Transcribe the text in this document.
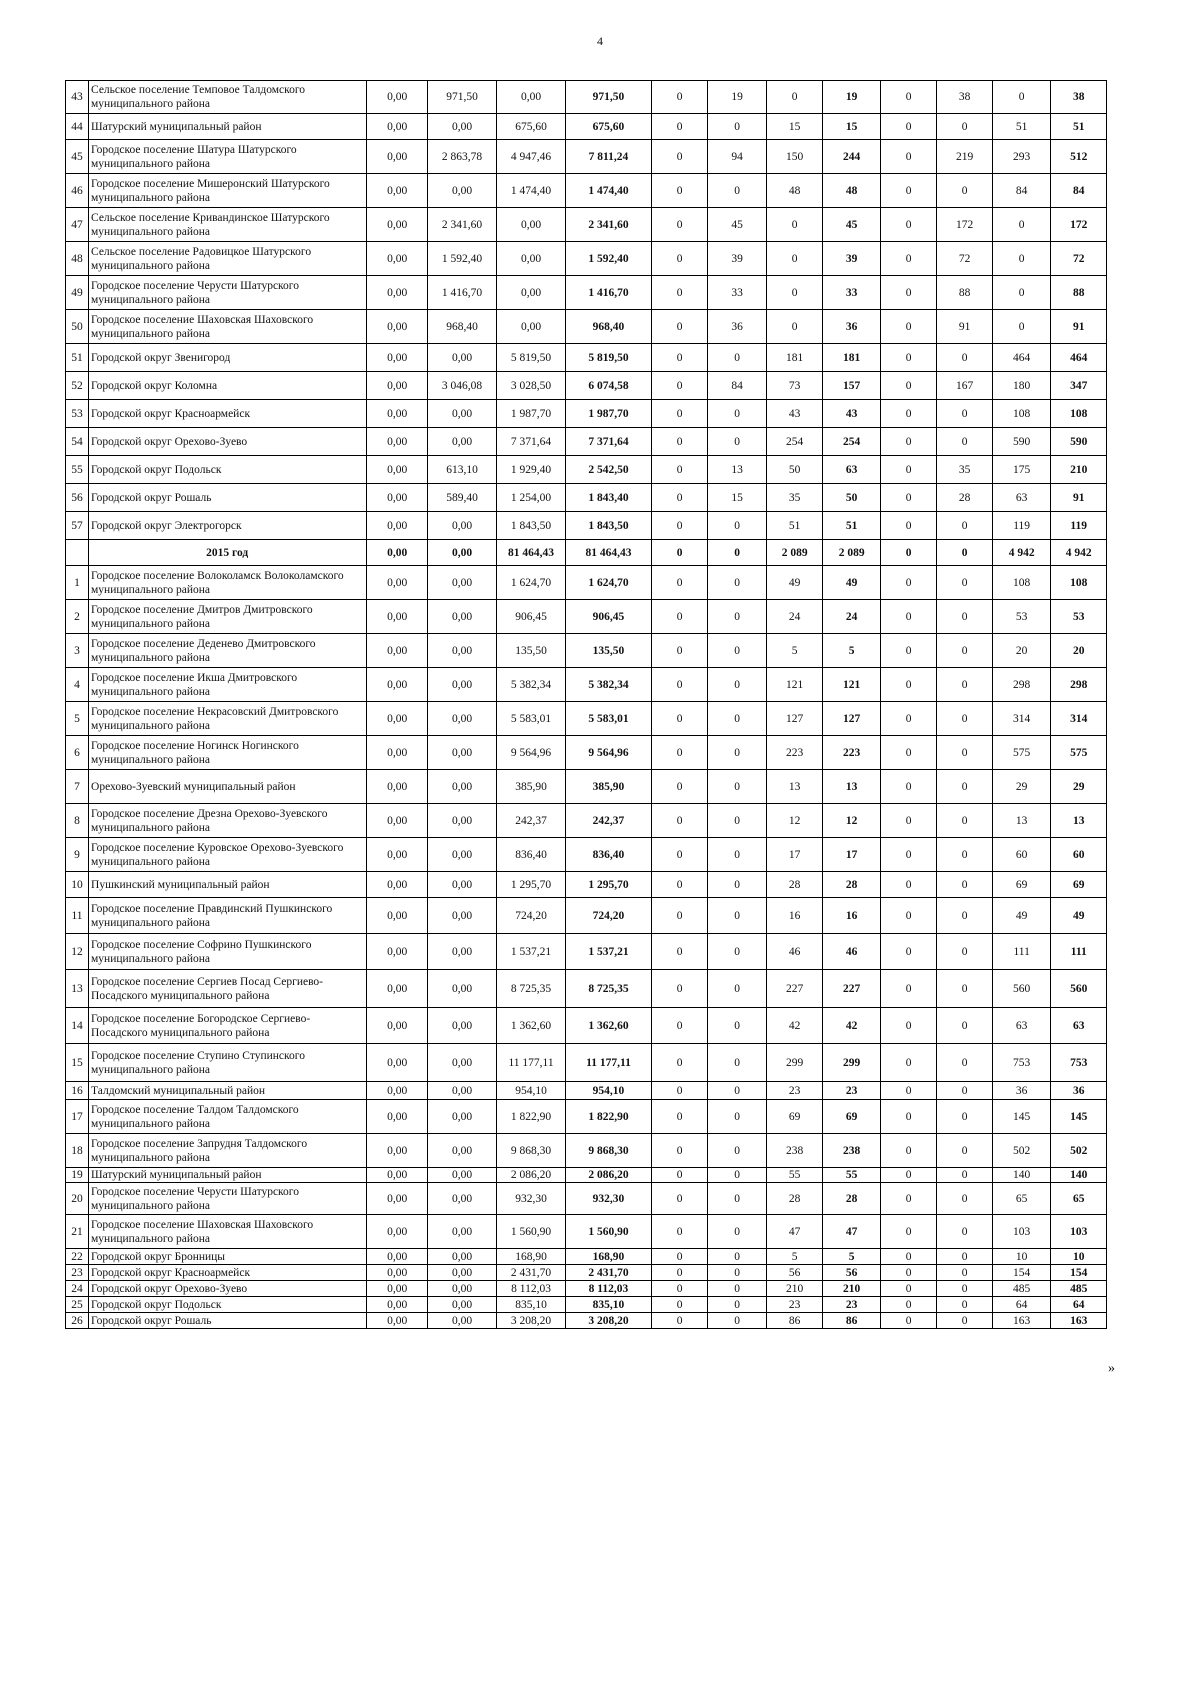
4
43	Сельское поселение Темповое Талдомского муниципального района	0,00	971,50	0,00	971,50	0	19	0	19	0	38	0	38
44	Шатурский муниципальный район	0,00	0,00	675,60	675,60	0	0	15	15	0	0	51	51
45	Городское поселение Шатура Шатурского муниципального района	0,00	2 863,78	4 947,46	7 811,24	0	94	150	244	0	219	293	512
46	Городское поселение Мишеронский Шатурского муниципального района	0,00	0,00	1 474,40	1 474,40	0	0	48	48	0	0	84	84
47	Сельское поселение Кривандинское Шатурского муниципального района	0,00	2 341,60	0,00	2 341,60	0	45	0	45	0	172	0	172
48	Сельское поселение Радовицкое Шатурского муниципального района	0,00	1 592,40	0,00	1 592,40	0	39	0	39	0	72	0	72
49	Городское поселение Черусти Шатурского муниципального района	0,00	1 416,70	0,00	1 416,70	0	33	0	33	0	88	0	88
50	Городское поселение Шаховская Шаховского муниципального района	0,00	968,40	0,00	968,40	0	36	0	36	0	91	0	91
51	Городской округ Звенигород	0,00	0,00	5 819,50	5 819,50	0	0	181	181	0	0	464	464
52	Городской округ Коломна	0,00	3 046,08	3 028,50	6 074,58	0	84	73	157	0	167	180	347
53	Городской округ Красноармейск	0,00	0,00	1 987,70	1 987,70	0	0	43	43	0	0	108	108
54	Городской округ Орехово-Зуево	0,00	0,00	7 371,64	7 371,64	0	0	254	254	0	0	590	590
55	Городской округ Подольск	0,00	613,10	1 929,40	2 542,50	0	13	50	63	0	35	175	210
56	Городской округ Рошаль	0,00	589,40	1 254,00	1 843,40	0	15	35	50	0	28	63	91
57	Городской округ Электрогорск	0,00	0,00	1 843,50	1 843,50	0	0	51	51	0	0	119	119
	2015 год	0,00	0,00	81 464,43	81 464,43	0	0	2 089	2 089	0	0	4 942	4 942
1	Городское поселение Волоколамск Волоколамского муниципального района	0,00	0,00	1 624,70	1 624,70	0	0	49	49	0	0	108	108
2	Городское поселение Дмитров Дмитровского муниципального района	0,00	0,00	906,45	906,45	0	0	24	24	0	0	53	53
3	Городское поселение Деденево Дмитровского муниципального района	0,00	0,00	135,50	135,50	0	0	5	5	0	0	20	20
4	Городское поселение Икша Дмитровского муниципального района	0,00	0,00	5 382,34	5 382,34	0	0	121	121	0	0	298	298
5	Городское поселение Некрасовский Дмитровского муниципального района	0,00	0,00	5 583,01	5 583,01	0	0	127	127	0	0	314	314
6	Городское поселение Ногинск Ногинского муниципального района	0,00	0,00	9 564,96	9 564,96	0	0	223	223	0	0	575	575
7	Орехово-Зуевский муниципальный район	0,00	0,00	385,90	385,90	0	0	13	13	0	0	29	29
8	Городское поселение Дрезна Орехово-Зуевского муниципального района	0,00	0,00	242,37	242,37	0	0	12	12	0	0	13	13
9	Городское поселение Куровское Орехово-Зуевского муниципального района	0,00	0,00	836,40	836,40	0	0	17	17	0	0	60	60
10	Пушкинский муниципальный район	0,00	0,00	1 295,70	1 295,70	0	0	28	28	0	0	69	69
11	Городское поселение Правдинский Пушкинского муниципального района	0,00	0,00	724,20	724,20	0	0	16	16	0	0	49	49
12	Городское поселение Софрино Пушкинского муниципального района	0,00	0,00	1 537,21	1 537,21	0	0	46	46	0	0	111	111
13	Городское поселение Сергиев Посад Сергиево-Посадского муниципального района	0,00	0,00	8 725,35	8 725,35	0	0	227	227	0	0	560	560
14	Городское поселение Богородское Сергиево-Посадского муниципального района	0,00	0,00	1 362,60	1 362,60	0	0	42	42	0	0	63	63
15	Городское поселение Ступино Ступинского муниципального района	0,00	0,00	11 177,11	11 177,11	0	0	299	299	0	0	753	753
16	Талдомский муниципальный район	0,00	0,00	954,10	954,10	0	0	23	23	0	0	36	36
17	Городское поселение Талдом Талдомского муниципального района	0,00	0,00	1 822,90	1 822,90	0	0	69	69	0	0	145	145
18	Городское поселение Запрудня Талдомского муниципального района	0,00	0,00	9 868,30	9 868,30	0	0	238	238	0	0	502	502
19	Шатурский муниципальный район	0,00	0,00	2 086,20	2 086,20	0	0	55	55	0	0	140	140
20	Городское поселение Черусти Шатурского муниципального района	0,00	0,00	932,30	932,30	0	0	28	28	0	0	65	65
21	Городское поселение Шаховская Шаховского муниципального района	0,00	0,00	1 560,90	1 560,90	0	0	47	47	0	0	103	103
22	Городской округ Бронницы	0,00	0,00	168,90	168,90	0	0	5	5	0	0	10	10
23	Городской округ Красноармейск	0,00	0,00	2 431,70	2 431,70	0	0	56	56	0	0	154	154
24	Городской округ Орехово-Зуево	0,00	0,00	8 112,03	8 112,03	0	0	210	210	0	0	485	485
25	Городской округ Подольск	0,00	0,00	835,10	835,10	0	0	23	23	0	0	64	64
26	Городской округ Рошаль	0,00	0,00	3 208,20	3 208,20	0	0	86	86	0	0	163	163
»
